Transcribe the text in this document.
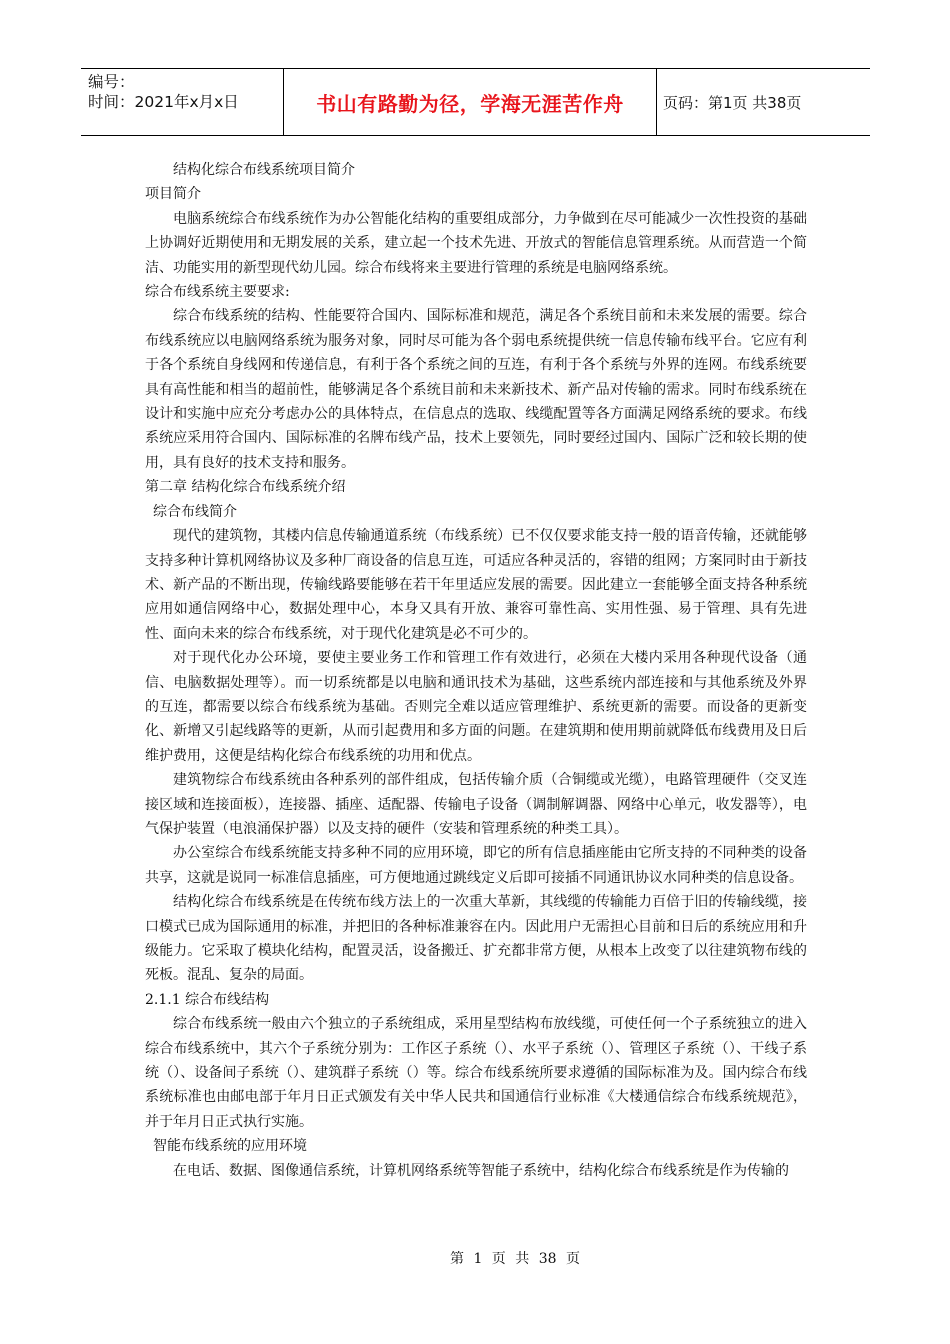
编号：
时间：2021年x月x日	书山有路勤为径，学海无涯苦作舟	页码：第1页 共38页

结构化综合布线系统项目简介

项目简介

电脑系统综合布线系统作为办公智能化结构的重要组成部分，力争做到在尽可能减少一次性投资的基础上协调好近期使用和无期发展的关系，建立起一个技术先进、开放式的智能信息管理系统。从而营造一个简洁、功能实用的新型现代幼儿园。综合布线将来主要进行管理的系统是电脑网络系统。

综合布线系统主要要求:

综合布线系统的结构、性能要符合国内、国际标准和规范，满足各个系统目前和未来发展的需要。综合布线系统应以电脑网络系统为服务对象，同时尽可能为各个弱电系统提供统一信息传输布线平台。它应有利于各个系统自身线网和传递信息，有利于各个系统之间的互连，有利于各个系统与外界的连网。布线系统要具有高性能和相当的超前性，能够满足各个系统目前和未来新技术、新产品对传输的需求。同时布线系统在设计和实施中应充分考虑办公的具体特点，在信息点的选取、线缆配置等各方面满足网络系统的要求。布线系统应采用符合国内、国际标准的名牌布线产品，技术上要领先，同时要经过国内、国际广泛和较长期的使用，具有良好的技术支持和服务。

第二章 结构化综合布线系统介绍

综合布线简介

现代的建筑物，其楼内信息传输通道系统（布线系统）已不仅仅要求能支持一般的语音传输，还就能够支持多种计算机网络协议及多种厂商设备的信息互连，可适应各种灵活的，容错的组网；方案同时由于新技术、新产品的不断出现，传输线路要能够在若干年里适应发展的需要。因此建立一套能够全面支持各种系统应用如通信网络中心，数据处理中心，本身又具有开放、兼容可靠性高、实用性强、易于管理、具有先进性、面向未来的综合布线系统，对于现代化建筑是必不可少的。

对于现代化办公环境，要使主要业务工作和管理工作有效进行，必须在大楼内采用各种现代设备（通信、电脑数据处理等）。而一切系统都是以电脑和通讯技术为基础，这些系统内部连接和与其他系统及外界的互连，都需要以综合布线系统为基础。否则完全难以适应管理维护、系统更新的需要。而设备的更新变化、新增又引起线路等的更新，从而引起费用和多方面的问题。在建筑期和使用期前就降低布线费用及日后维护费用，这便是结构化综合布线系统的功用和优点。

建筑物综合布线系统由各种系列的部件组成，包括传输介质（合铜缆或光缆），电路管理硬件（交叉连接区域和连接面板），连接器、插座、适配器、传输电子设备（调制解调器、网络中心单元，收发器等），电气保护装置（电浪涌保护器）以及支持的硬件（安装和管理系统的种类工具）。

办公室综合布线系统能支持多种不同的应用环境，即它的所有信息插座能由它所支持的不同种类的设备共享，这就是说同一标准信息插座，可方便地通过跳线定义后即可接插不同通讯协议水同种类的信息设备。

结构化综合布线系统是在传统布线方法上的一次重大革新，其线缆的传输能力百倍于旧的传输线缆，接口模式已成为国际通用的标准，并把旧的各种标准兼容在内。因此用户无需担心目前和日后的系统应用和升级能力。它采取了模块化结构，配置灵活，设备搬迁、扩充都非常方便，从根本上改变了以往建筑物布线的死板。混乱、复杂的局面。

2.1.1 综合布线结构

综合布线系统一般由六个独立的子系统组成，采用星型结构布放线缆，可使任何一个子系统独立的进入综合布线系统中，其六个子系统分别为：工作区子系统（）、水平子系统（）、管理区子系统（）、干线子系统（）、设备间子系统（）、建筑群子系统（）等。综合布线系统所要求遵循的国际标准为及。国内综合布线系统标准也由邮电部于年月日正式颁发有关中华人民共和国通信行业标准《大楼通信综合布线系统规范》，并于年月日正式执行实施。

智能布线系统的应用环境

在电话、数据、图像通信系统，计算机网络系统等智能子系统中，结构化综合布线系统是作为传输的

第 1 页 共 38 页
